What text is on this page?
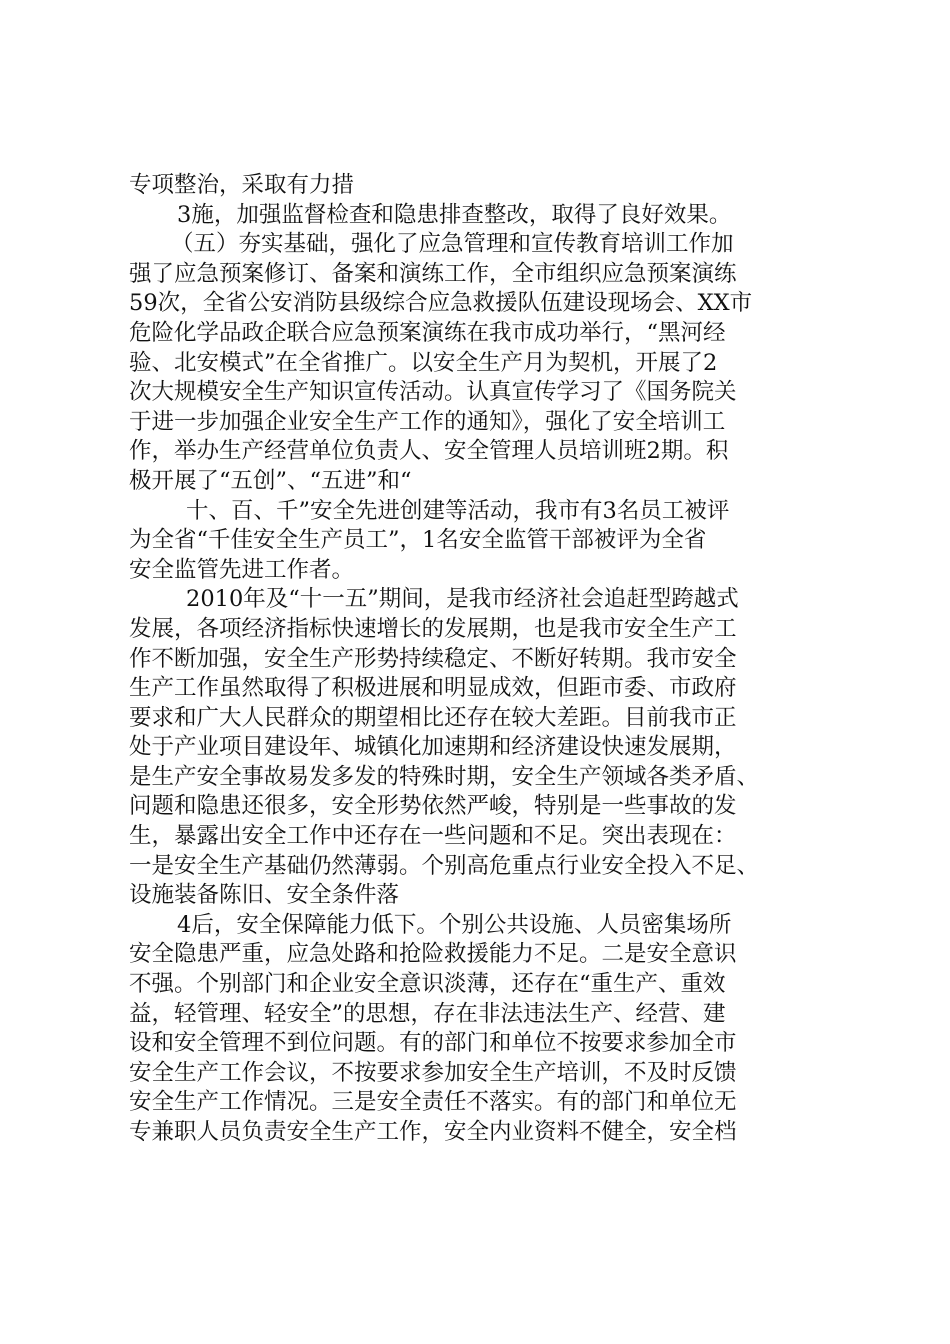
专项整治，采取有力措
3施，加强监督检查和隐患排查整改，取得了良好效果。
（五）夯实基础，强化了应急管理和宣传教育培训工作加
强了应急预案修订、备案和演练工作，全市组织应急预案演练
59次，全省公安消防县级综合应急救援队伍建设现场会、XX市
危险化学品政企联合应急预案演练在我市成功举行，“黑河经
验、北安模式”在全省推广。以安全生产月为契机，开展了2
次大规模安全生产知识宣传活动。认真宣传学习了《国务院关
于进一步加强企业安全生产工作的通知》，强化了安全培训工
作，举办生产经营单位负责人、安全管理人员培训班2期。积
极开展了“五创”、“五进”和“
十、百、千”安全先进创建等活动，我市有3名员工被评
为全省“千佳安全生产员工”，1名安全监管干部被评为全省
安全监管先进工作者。
2010年及“十一五”期间，是我市经济社会追赶型跨越式
发展，各项经济指标快速增长的发展期，也是我市安全生产工
作不断加强，安全生产形势持续稳定、不断好转期。我市安全
生产工作虽然取得了积极进展和明显成效，但距市委、市政府
要求和广大人民群众的期望相比还存在较大差距。目前我市正
处于产业项目建设年、城镇化加速期和经济建设快速发展期，
是生产安全事故易发多发的特殊时期，安全生产领域各类矛盾、
问题和隐患还很多，安全形势依然严峻，特别是一些事故的发
生，暴露出安全工作中还存在一些问题和不足。突出表现在：
一是安全生产基础仍然薄弱。个别高危重点行业安全投入不足、
设施装备陈旧、安全条件落
4后，安全保障能力低下。个别公共设施、人员密集场所
安全隐患严重，应急处路和抢险救援能力不足。二是安全意识
不强。个别部门和企业安全意识淡薄，还存在“重生产、重效
益，轻管理、轻安全”的思想，存在非法违法生产、经营、建
设和安全管理不到位问题。有的部门和单位不按要求参加全市
安全生产工作会议，不按要求参加安全生产培训，不及时反馈
安全生产工作情况。三是安全责任不落实。有的部门和单位无
专兼职人员负责安全生产工作，安全内业资料不健全，安全档
